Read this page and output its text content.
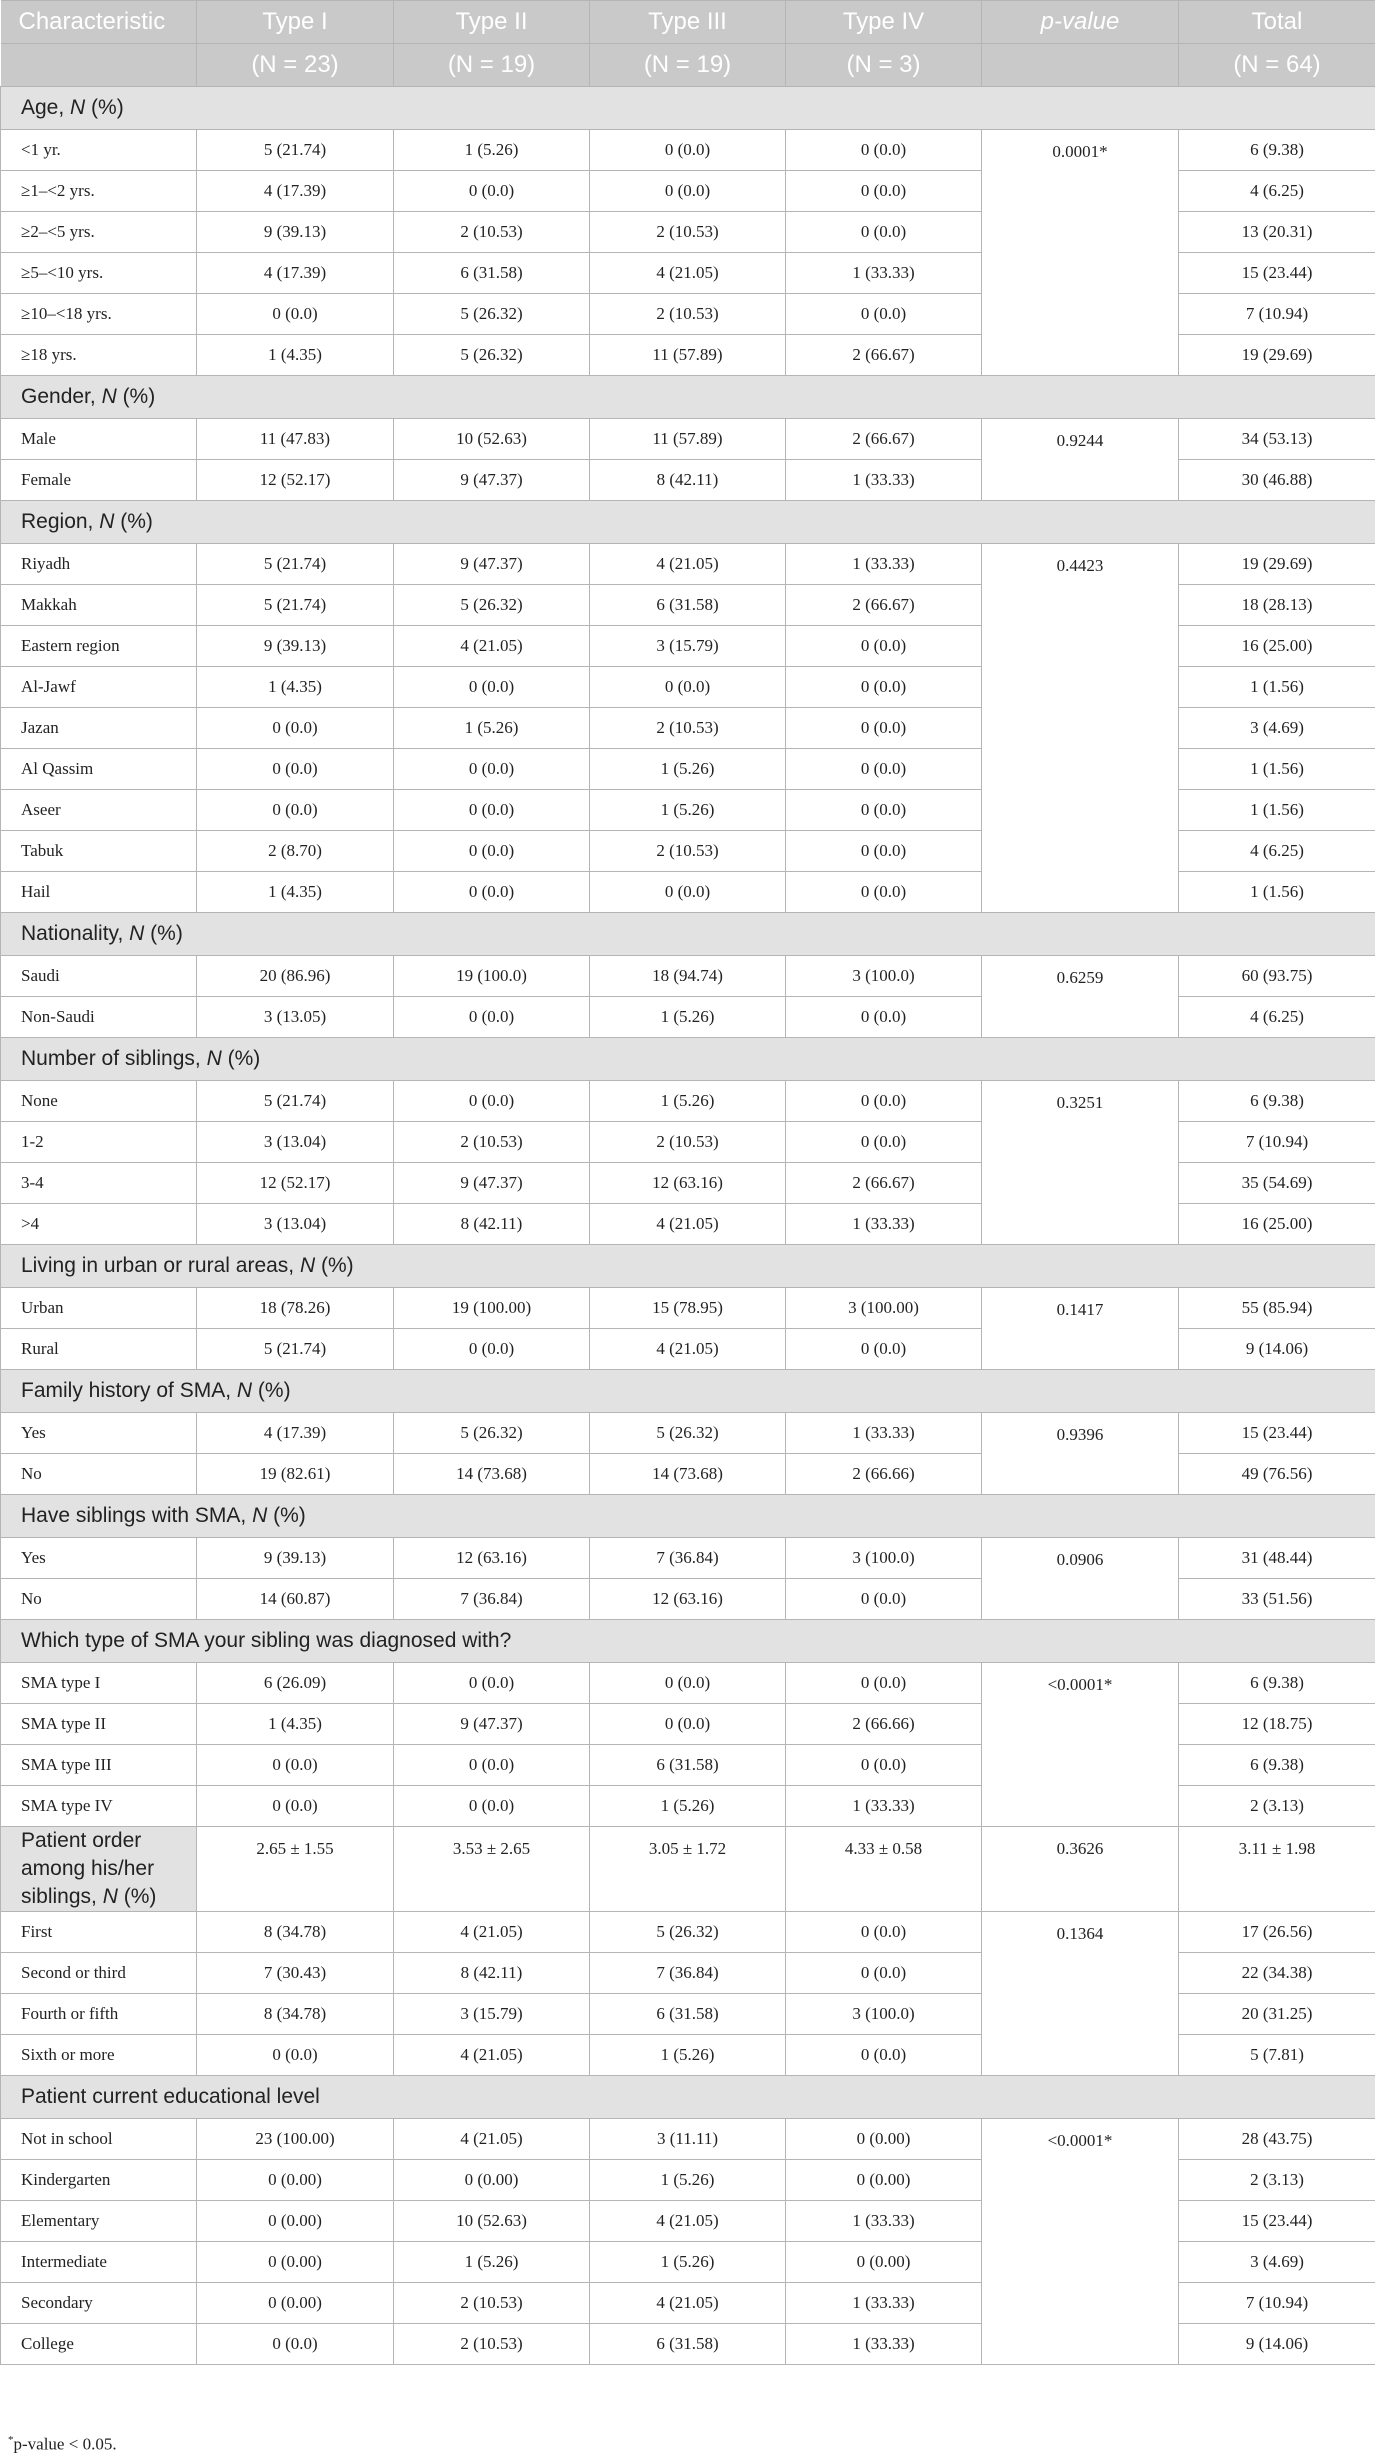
Characteristic	Type I	Type II	Type III	Type IV	p-value	Total
	(N = 23)	(N = 19)	(N = 19)	(N = 3)		(N = 64)
Age, N (%)						
<1 yr.	5 (21.74)	1 (5.26)	0 (0.0)	0 (0.0)	0.0001*	6 (9.38)
≥1–<2 yrs.	4 (17.39)	0 (0.0)	0 (0.0)	0 (0.0)		4 (6.25)
≥2–<5 yrs.	9 (39.13)	2 (10.53)	2 (10.53)	0 (0.0)		13 (20.31)
≥5–<10 yrs.	4 (17.39)	6 (31.58)	4 (21.05)	1 (33.33)		15 (23.44)
≥10–<18 yrs.	0 (0.0)	5 (26.32)	2 (10.53)	0 (0.0)		7 (10.94)
≥18 yrs.	1 (4.35)	5 (26.32)	11 (57.89)	2 (66.67)		19 (29.69)
Gender, N (%)						
Male	11 (47.83)	10 (52.63)	11 (57.89)	2 (66.67)	0.9244	34 (53.13)
Female	12 (52.17)	9 (47.37)	8 (42.11)	1 (33.33)		30 (46.88)
Region, N (%)						
Riyadh	5 (21.74)	9 (47.37)	4 (21.05)	1 (33.33)	0.4423	19 (29.69)
Makkah	5 (21.74)	5 (26.32)	6 (31.58)	2 (66.67)		18 (28.13)
Eastern region	9 (39.13)	4 (21.05)	3 (15.79)	0 (0.0)		16 (25.00)
Al-Jawf	1 (4.35)	0 (0.0)	0 (0.0)	0 (0.0)		1 (1.56)
Jazan	0 (0.0)	1 (5.26)	2 (10.53)	0 (0.0)		3 (4.69)
Al Qassim	0 (0.0)	0 (0.0)	1 (5.26)	0 (0.0)		1 (1.56)
Aseer	0 (0.0)	0 (0.0)	1 (5.26)	0 (0.0)		1 (1.56)
Tabuk	2 (8.70)	0 (0.0)	2 (10.53)	0 (0.0)		4 (6.25)
Hail	1 (4.35)	0 (0.0)	0 (0.0)	0 (0.0)		1 (1.56)
Nationality, N (%)						
Saudi	20 (86.96)	19 (100.0)	18 (94.74)	3 (100.0)	0.6259	60 (93.75)
Non-Saudi	3 (13.05)	0 (0.0)	1 (5.26)	0 (0.0)		4 (6.25)
Number of siblings, N (%)						
None	5 (21.74)	0 (0.0)	1 (5.26)	0 (0.0)	0.3251	6 (9.38)
1-2	3 (13.04)	2 (10.53)	2 (10.53)	0 (0.0)		7 (10.94)
3-4	12 (52.17)	9 (47.37)	12 (63.16)	2 (66.67)		35 (54.69)
>4	3 (13.04)	8 (42.11)	4 (21.05)	1 (33.33)		16 (25.00)
Living in urban or rural areas, N (%)						
Urban	18 (78.26)	19 (100.00)	15 (78.95)	3 (100.00)	0.1417	55 (85.94)
Rural	5 (21.74)	0 (0.0)	4 (21.05)	0 (0.0)		9 (14.06)
Family history of SMA, N (%)						
Yes	4 (17.39)	5 (26.32)	5 (26.32)	1 (33.33)	0.9396	15 (23.44)
No	19 (82.61)	14 (73.68)	14 (73.68)	2 (66.66)		49 (76.56)
Have siblings with SMA, N (%)						
Yes	9 (39.13)	12 (63.16)	7 (36.84)	3 (100.0)	0.0906	31 (48.44)
No	14 (60.87)	7 (36.84)	12 (63.16)	0 (0.0)		33 (51.56)
Which type of SMA your sibling was diagnosed with?						
SMA type I	6 (26.09)	0 (0.0)	0 (0.0)	0 (0.0)	<0.0001*	6 (9.38)
SMA type II	1 (4.35)	9 (47.37)	0 (0.0)	2 (66.66)		12 (18.75)
SMA type III	0 (0.0)	0 (0.0)	6 (31.58)	0 (0.0)		6 (9.38)
SMA type IV	0 (0.0)	0 (0.0)	1 (5.26)	1 (33.33)		2 (3.13)
Patient order among his/her siblings, N (%)	2.65 ± 1.55	3.53 ± 2.65	3.05 ± 1.72	4.33 ± 0.58	0.3626	3.11 ± 1.98
First	8 (34.78)	4 (21.05)	5 (26.32)	0 (0.0)	0.1364	17 (26.56)
Second or third	7 (30.43)	8 (42.11)	7 (36.84)	0 (0.0)		22 (34.38)
Fourth or fifth	8 (34.78)	3 (15.79)	6 (31.58)	3 (100.0)		20 (31.25)
Sixth or more	0 (0.0)	4 (21.05)	1 (5.26)	0 (0.0)		5 (7.81)
Patient current educational level						
Not in school	23 (100.00)	4 (21.05)	3 (11.11)	0 (0.00)	<0.0001*	28 (43.75)
Kindergarten	0 (0.00)	0 (0.00)	1 (5.26)	0 (0.00)		2 (3.13)
Elementary	0 (0.00)	10 (52.63)	4 (21.05)	1 (33.33)		15 (23.44)
Intermediate	0 (0.00)	1 (5.26)	1 (5.26)	0 (0.00)		3 (4.69)
Secondary	0 (0.00)	2 (10.53)	4 (21.05)	1 (33.33)		7 (10.94)
College	0 (0.0)	2 (10.53)	6 (31.58)	1 (33.33)		9 (14.06)
*p-value < 0.05.
